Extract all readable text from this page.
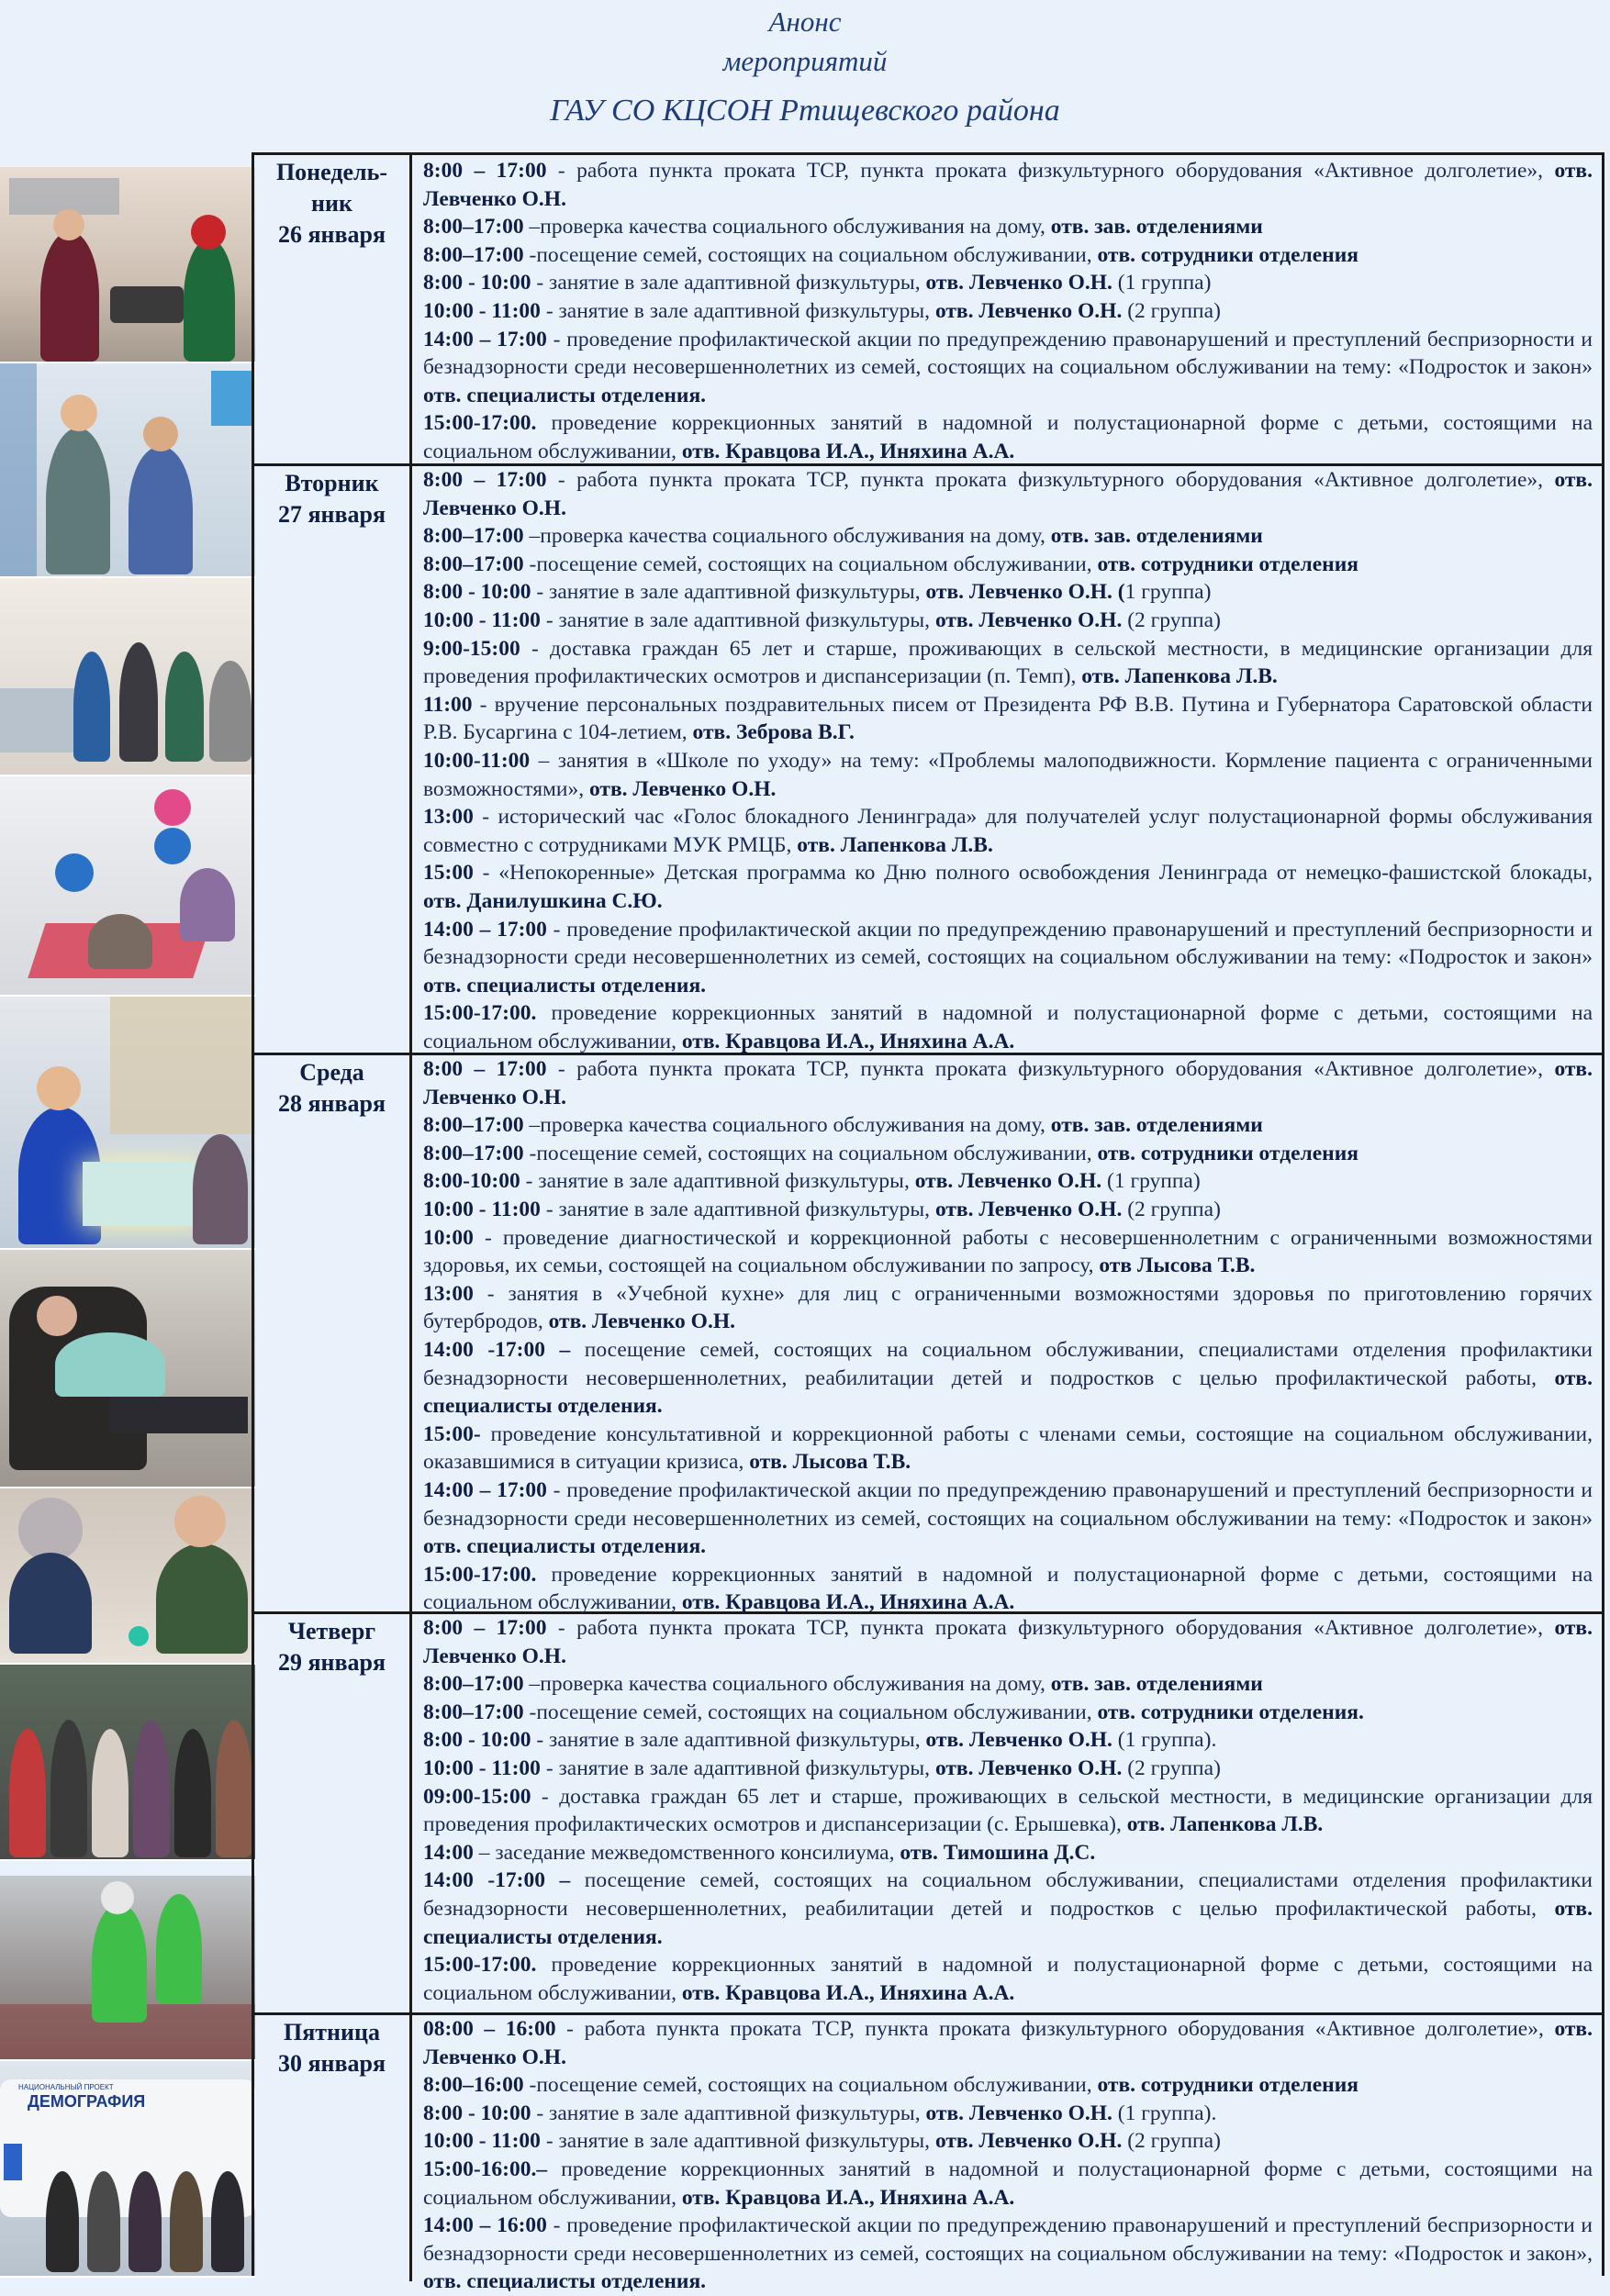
Анонс
мероприятий
ГАУ СО КЦСОН Ртищевского района
НАЦИОНАЛЬНЫЙ ПРОЕКТ
ДЕМОГРАФИЯ
Понедель-
ник
26 января

8:00 – 17:00 - работа пункта проката ТСР, пункта проката физкультурного оборудования «Активное долголетие», отв. Левченко О.Н.

8:00–17:00 –проверка качества социального обслуживания на дому, отв. зав. отделениями

8:00–17:00 -посещение семей, состоящих на социальном обслуживании, отв. сотрудники отделения

8:00 - 10:00 - занятие в зале адаптивной физкультуры, отв. Левченко О.Н. (1 группа)

10:00 - 11:00 - занятие в зале адаптивной физкультуры, отв. Левченко О.Н. (2 группа)

14:00 – 17:00 - проведение профилактической акции по предупреждению правонарушений и преступлений беспризорности и безнадзорности среди несовершеннолетних из семей, состоящих на социальном обслуживании на тему: «Подросток и закон» отв. специалисты отделения.

15:00-17:00. проведение коррекционных занятий в надомной и полустационарной форме с детьми, состоящими на социальном обслуживании, отв. Кравцова И.А., Иняхина А.А.

Вторник
27 января

8:00 – 17:00 - работа пункта проката ТСР, пункта проката физкультурного оборудования «Активное долголетие», отв. Левченко О.Н.

8:00–17:00 –проверка качества социального обслуживания на дому, отв. зав. отделениями

8:00–17:00 -посещение семей, состоящих на социальном обслуживании, отв. сотрудники отделения

8:00 - 10:00 - занятие в зале адаптивной физкультуры, отв. Левченко О.Н. (1 группа)

10:00 - 11:00 - занятие в зале адаптивной физкультуры, отв. Левченко О.Н. (2 группа)

9:00-15:00 - доставка граждан 65 лет и старше, проживающих в сельской местности, в медицинские организации для проведения профилактических осмотров и диспансеризации (п. Темп), отв. Лапенкова Л.В.

11:00 - вручение персональных поздравительных писем от Президента РФ В.В. Путина и Губернатора Саратовской области Р.В. Бусаргина с 104-летием, отв. Зеброва В.Г.

10:00-11:00 – занятия в «Школе по уходу» на тему: «Проблемы малоподвижности. Кормление пациента с ограниченными возможностями», отв. Левченко О.Н.

13:00 - исторический час «Голос блокадного Ленинграда» для получателей услуг полустационарной формы обслуживания совместно с сотрудниками МУК РМЦБ, отв. Лапенкова Л.В.

15:00 - «Непокоренные» Детская программа ко Дню полного освобождения Ленинграда от немецко-фашистской блокады, отв. Данилушкина С.Ю.

14:00 – 17:00 - проведение профилактической акции по предупреждению правонарушений и преступлений беспризорности и безнадзорности среди несовершеннолетних из семей, состоящих на социальном обслуживании на тему: «Подросток и закон» отв. специалисты отделения.

15:00-17:00. проведение коррекционных занятий в надомной и полустационарной форме с детьми, состоящими на социальном обслуживании, отв. Кравцова И.А., Иняхина А.А.

Среда
28 января

8:00 – 17:00 - работа пункта проката ТСР, пункта проката физкультурного оборудования «Активное долголетие», отв. Левченко О.Н.

8:00–17:00 –проверка качества социального обслуживания на дому, отв. зав. отделениями

8:00–17:00 -посещение семей, состоящих на социальном обслуживании, отв. сотрудники отделения

8:00-10:00 - занятие в зале адаптивной физкультуры, отв. Левченко О.Н. (1 группа)

10:00 - 11:00 - занятие в зале адаптивной физкультуры, отв. Левченко О.Н. (2 группа)

10:00 - проведение диагностической и коррекционной работы с несовершеннолетним с ограниченными возможностями здоровья, их семьи, состоящей на социальном обслуживании по запросу, отв Лысова Т.В.

13:00 - занятия в «Учебной кухне» для лиц с ограниченными возможностями здоровья по приготовлению горячих бутербродов, отв. Левченко О.Н.

14:00 -17:00 – посещение семей, состоящих на социальном обслуживании, специалистами отделения профилактики безнадзорности несовершеннолетних, реабилитации детей и подростков с целью профилактической работы, отв. специалисты отделения.

15:00- проведение консультативной и коррекционной работы с членами семьи, состоящие на социальном обслуживании, оказавшимися в ситуации кризиса, отв. Лысова Т.В.

14:00 – 17:00 - проведение профилактической акции по предупреждению правонарушений и преступлений беспризорности и безнадзорности среди несовершеннолетних из семей, состоящих на социальном обслуживании на тему: «Подросток и закон» отв. специалисты отделения.

15:00-17:00. проведение коррекционных занятий в надомной и полустационарной форме с детьми, состоящими на социальном обслуживании, отв. Кравцова И.А., Иняхина А.А.

Четверг
29 января

8:00 – 17:00 - работа пункта проката ТСР, пункта проката физкультурного оборудования «Активное долголетие», отв. Левченко О.Н.

8:00–17:00 –проверка качества социального обслуживания на дому, отв. зав. отделениями

8:00–17:00 -посещение семей, состоящих на социальном обслуживании, отв. сотрудники отделения.

8:00 - 10:00 - занятие в зале адаптивной физкультуры, отв. Левченко О.Н. (1 группа).

10:00 - 11:00 - занятие в зале адаптивной физкультуры, отв. Левченко О.Н. (2 группа)

09:00-15:00 - доставка граждан 65 лет и старше, проживающих в сельской местности, в медицинские организации для проведения профилактических осмотров и диспансеризации (с. Ерышевка), отв. Лапенкова Л.В.

14:00 – заседание межведомственного консилиума, отв. Тимошина Д.С.

14:00 -17:00 – посещение семей, состоящих на социальном обслуживании, специалистами отделения профилактики безнадзорности несовершеннолетних, реабилитации детей и подростков с целью профилактической работы, отв. специалисты отделения.

15:00-17:00. проведение коррекционных занятий в надомной и полустационарной форме с детьми, состоящими на социальном обслуживании, отв. Кравцова И.А., Иняхина А.А.

Пятница
30 января

08:00 – 16:00 - работа пункта проката ТСР, пункта проката физкультурного оборудования «Активное долголетие», отв. Левченко О.Н.

8:00–16:00 -посещение семей, состоящих на социальном обслуживании, отв. сотрудники отделения

8:00 - 10:00 - занятие в зале адаптивной физкультуры, отв. Левченко О.Н. (1 группа).

10:00 - 11:00 - занятие в зале адаптивной физкультуры, отв. Левченко О.Н. (2 группа)

15:00-16:00.– проведение коррекционных занятий в надомной и полустационарной форме с детьми, состоящими на социальном обслуживании, отв. Кравцова И.А., Иняхина А.А.

14:00 – 16:00 - проведение профилактической акции по предупреждению правонарушений и преступлений беспризорности и безнадзорности среди несовершеннолетних из семей, состоящих на социальном обслуживании на тему: «Подросток и закон», отв. специалисты отделения.
